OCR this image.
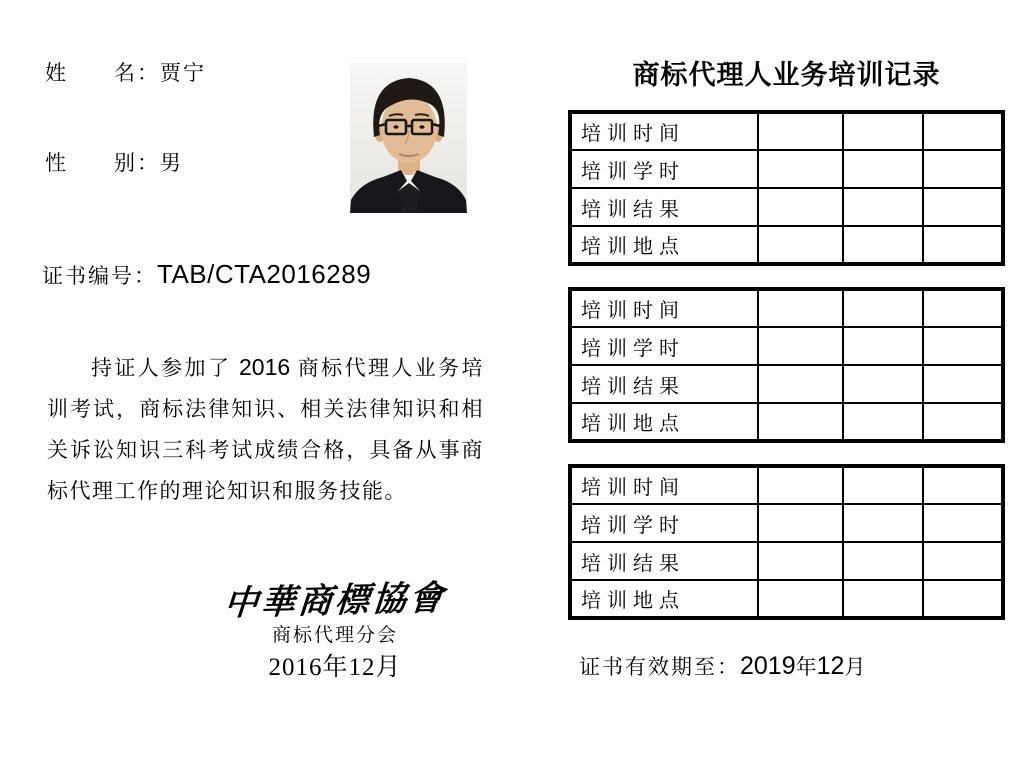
姓　　名：贾宁
性　　别：男
证书编号：TAB/CTA2016289
持证人参加了 2016 商标代理人业务培训考试，商标法律知识、相关法律知识和相关诉讼知识三科考试成绩合格，具备从事商标代理工作的理论知识和服务技能。
中華商標協會
商标代理分会
2016年12月
商标代理人业务培训记录
培训时间			
培训学时			
培训结果			
培训地点			
培训时间			
培训学时			
培训结果			
培训地点			
培训时间			
培训学时			
培训结果			
培训地点			
证书有效期至：2019年12月
